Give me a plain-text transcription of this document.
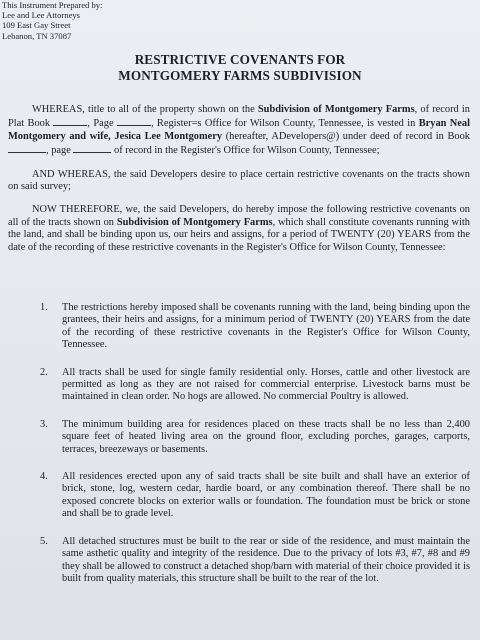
This Instrument Prepared by:
Lee and Lee Attorneys
109 East Gay Street
Lebanon, TN 37087
RESTRICTIVE COVENANTS FOR
MONTGOMERY FARMS SUBDIVISION

WHEREAS, title to all of the property shown on the Subdivision of Montgomery Farms, of record in Plat Book	, Page	, Register=s Office for Wilson County, Tennessee, is vested in Bryan Neal Montgomery and wife, Jesica Lee Montgomery (hereafter, ADevelopers@) under deed of record in Book , page	of record in the Register's Office for Wilson County, Tennessee;

AND WHEREAS, the said Developers desire to place certain restrictive covenants on the tracts shown on said survey;

NOW THEREFORE, we, the said Developers, do hereby impose the following restrictive covenants on all of the tracts shown on Subdivision of Montgomery Farms, which shall constitute covenants running with the land, and shall be binding upon us, our heirs and assigns, for a period of TWENTY (20) YEARS from the date of the recording of these restrictive covenants in the Register's Office for Wilson County, Tennessee:

1. The restrictions hereby imposed shall be covenants running with the land, being binding upon the grantees, their heirs and assigns, for a minimum period of TWENTY (20) YEARS from the date of the recording of these restrictive covenants in the Register's Office for Wilson County, Tennessee.
2. All tracts shall be used for single family residential only. Horses, cattle and other livestock are permitted as long as they are not raised for commercial enterprise. Livestock barns must be maintained in clean order. No hogs are allowed. No commercial Poultry is allowed.
3. The minimum building area for residences placed on these tracts shall be no less than 2,400 square feet of heated living area on the ground floor, excluding porches, garages, carports, terraces, breezeways or basements.
4. All residences erected upon any of said tracts shall be site built and shall have an exterior of brick, stone, log, western cedar, hardie board, or any combination thereof. There shall be no exposed concrete blocks on exterior walls or foundation. The foundation must be brick or stone and shall be to grade level.
5. All detached structures must be built to the rear or side of the residence, and must maintain the same asthetic quality and integrity of the residence. Due to the privacy of lots #3, #7, #8 and #9 they shall be allowed to construct a detached shop/barn with material of their choice provided it is built from quality materials, this structure shall be built to the rear of the lot.
